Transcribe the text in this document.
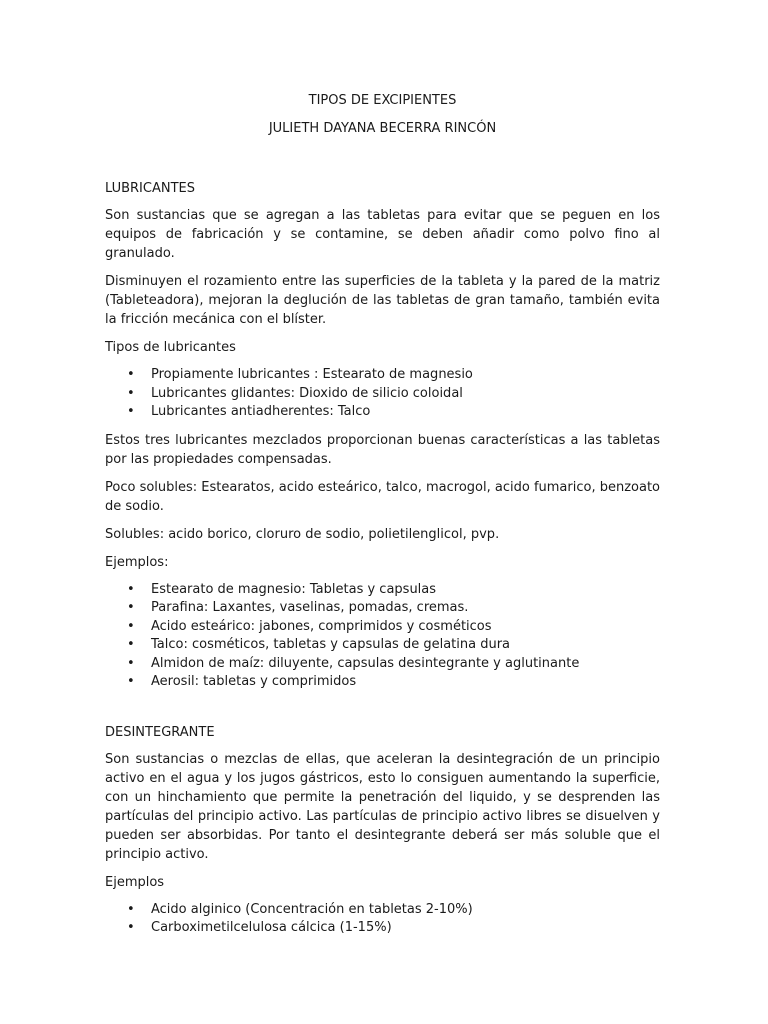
TIPOS DE EXCIPIENTES
JULIETH DAYANA BECERRA RINCÓN
LUBRICANTES

Son sustancias que se agregan a las tabletas para evitar que se peguen en los equipos de fabricación y se contamine, se deben añadir como polvo fino al granulado.

Disminuyen el rozamiento entre las superficies de la tableta y la pared de la matriz (Tableteadora), mejoran la deglución de las tabletas de gran tamaño, también evita la fricción mecánica con el blíster.

Tipos de lubricantes

• Propiamente lubricantes : Estearato de magnesio
• Lubricantes glidantes: Dioxido de silicio coloidal
• Lubricantes antiadherentes: Talco

Estos tres lubricantes mezclados proporcionan buenas características a las tabletas por las propiedades compensadas.

Poco solubles: Estearatos, acido esteárico, talco, macrogol, acido fumarico, benzoato de sodio.

Solubles: acido borico, cloruro de sodio, polietilenglicol, pvp.

Ejemplos:

• Estearato de magnesio: Tabletas y capsulas
• Parafina: Laxantes, vaselinas, pomadas, cremas.
• Acido esteárico: jabones, comprimidos y cosméticos
• Talco: cosméticos, tabletas y capsulas de gelatina dura
• Almidon de maíz: diluyente, capsulas desintegrante y aglutinante
• Aerosil: tabletas y comprimidos
DESINTEGRANTE

Son sustancias o mezclas de ellas, que aceleran la desintegración de un principio activo en el agua y los jugos gástricos, esto lo consiguen aumentando la superficie, con un hinchamiento que permite la penetración del liquido, y se desprenden las partículas del principio activo. Las partículas de principio activo libres se disuelven y pueden ser absorbidas. Por tanto el desintegrante deberá ser más soluble que el principio activo.

Ejemplos

• Acido alginico (Concentración en tabletas 2-10%)
• Carboximetilcelulosa cálcica (1-15%)
